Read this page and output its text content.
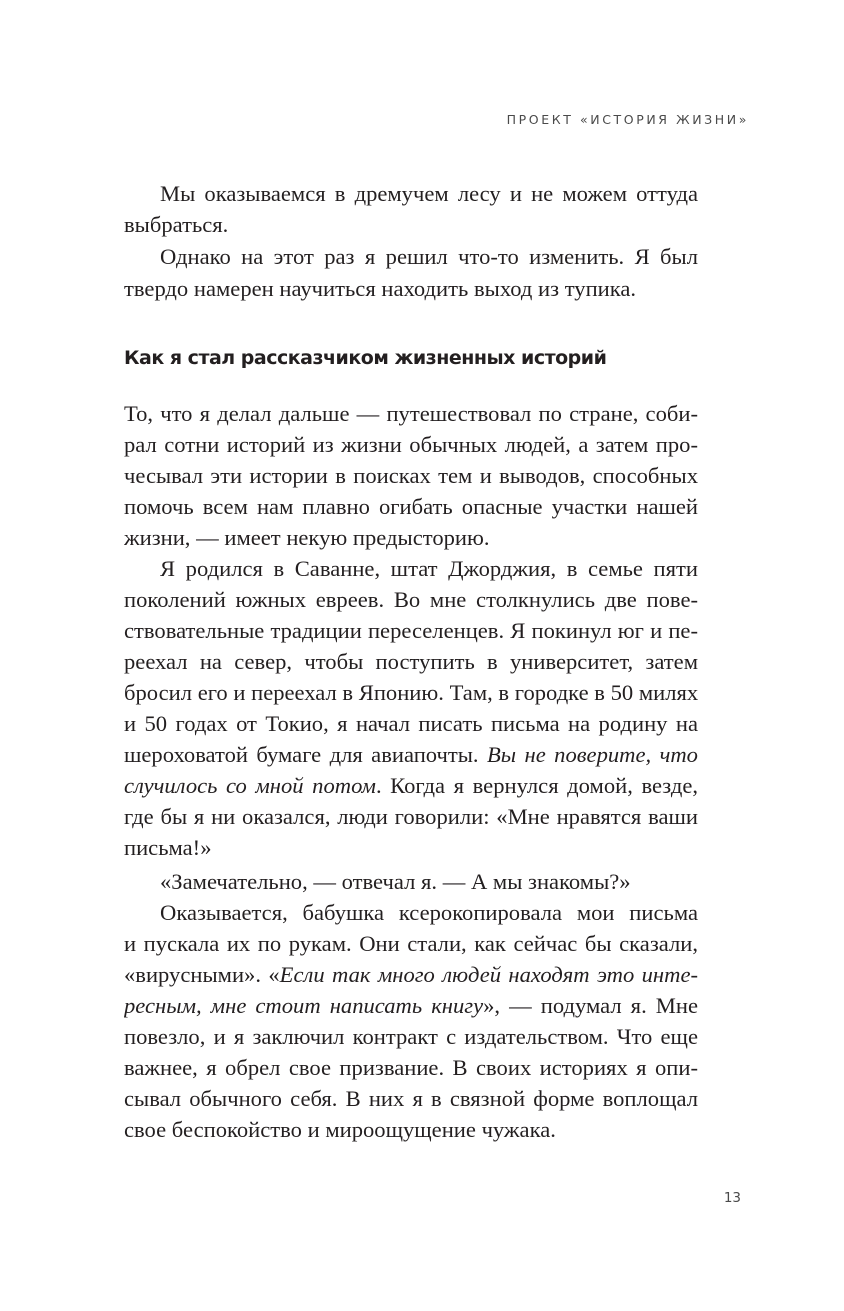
ПРОЕКТ «ИСТОРИЯ ЖИЗНИ»
Мы оказываемся в дремучем лесу и не можем оттуда
выбраться.
Однако на этот раз я решил что-то изменить. Я был
твердо намерен научиться находить выход из тупика.
Как я стал рассказчиком жизненных историй
То, что я делал дальше — путешествовал по стране, соби-
рал сотни историй из жизни обычных людей, а затем про-
чесывал эти истории в поисках тем и выводов, способных
помочь всем нам плавно огибать опасные участки нашей
жизни, — имеет некую предысторию.
Я родился в Саванне, штат Джорджия, в семье пяти
поколений южных евреев. Во мне столкнулись две пове-
ствовательные традиции переселенцев. Я покинул юг и пе-
реехал на север, чтобы поступить в университет, затем
бросил его и переехал в Японию. Там, в городке в 50 милях
и 50 годах от Токио, я начал писать письма на родину на
шероховатой бумаге для авиапочты. Вы не поверите, что
случилось со мной потом. Когда я вернулся домой, везде,
где бы я ни оказался, люди говорили: «Мне нравятся ваши
письма!»
«Замечательно, — отвечал я. — А мы знакомы?»
Оказывается, бабушка ксерокопировала мои письма
и пускала их по рукам. Они стали, как сейчас бы сказали,
«вирусными». «Если так много людей находят это инте-
ресным, мне стоит написать книгу», — подумал я. Мне
повезло, и я заключил контракт с издательством. Что еще
важнее, я обрел свое призвание. В своих историях я опи-
сывал обычного себя. В них я в связной форме воплощал
свое беспокойство и мироощущение чужака.
13
